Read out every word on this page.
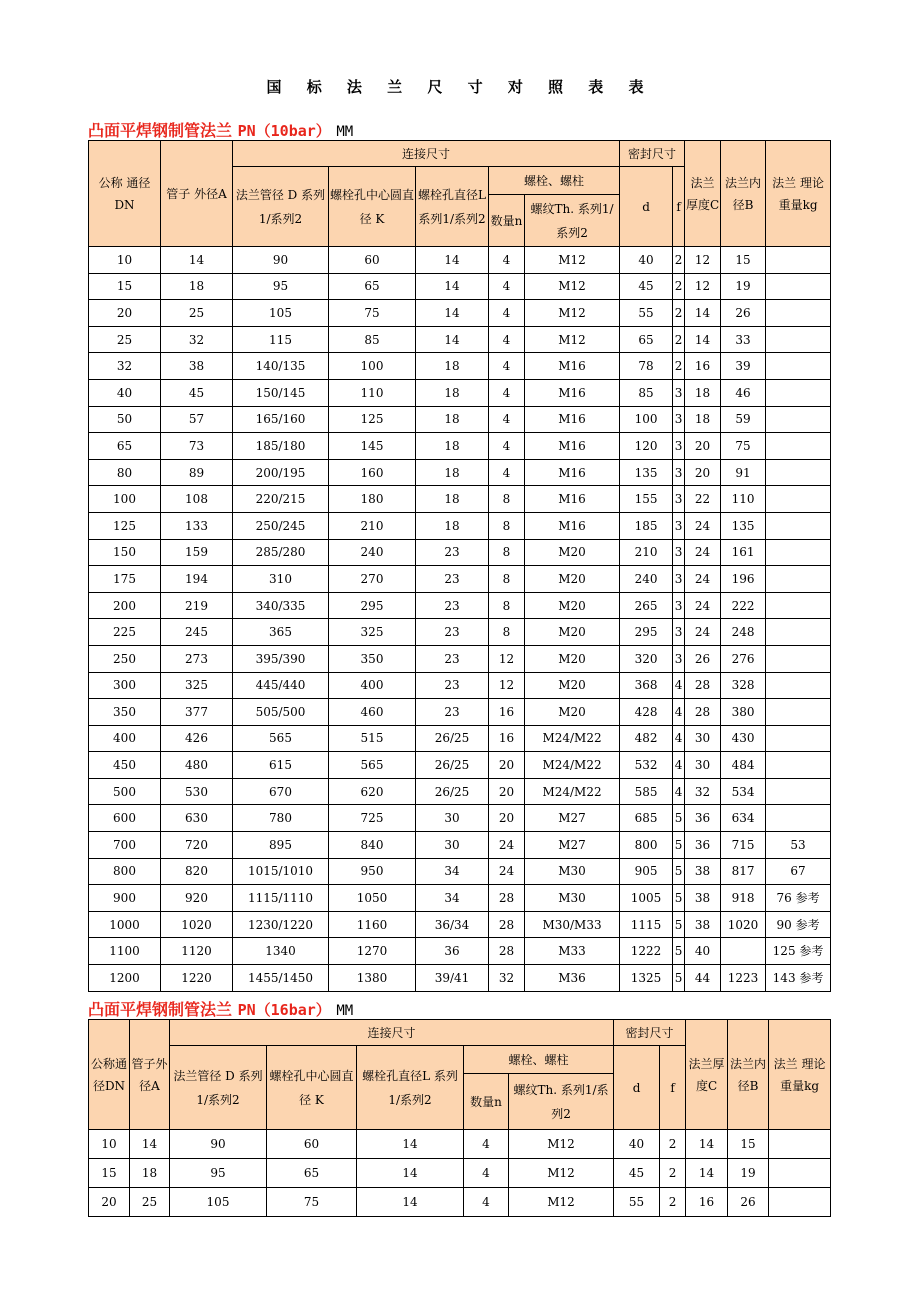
国 标 法 兰 尺 寸 对 照 表 表
凸面平焊钢制管法兰 PN（10bar） MM
公称 通径DN	管子 外径A	连接尺寸					密封尺寸		法兰厚度C	法兰内径B	法兰 理论 重量kg
		法兰管径 D 系列1/系列2	螺栓孔中心圆直径 K	螺栓孔直径L 系列1/系列2	螺栓、螺柱		d	f			
					数量n	螺纹Th. 系列1/系列2					
10	14	90	60	14	4	M12	40	2	12	15	
15	18	95	65	14	4	M12	45	2	12	19	
20	25	105	75	14	4	M12	55	2	14	26	
25	32	115	85	14	4	M12	65	2	14	33	
32	38	140/135	100	18	4	M16	78	2	16	39	
40	45	150/145	110	18	4	M16	85	3	18	46	
50	57	165/160	125	18	4	M16	100	3	18	59	
65	73	185/180	145	18	4	M16	120	3	20	75	
80	89	200/195	160	18	4	M16	135	3	20	91	
100	108	220/215	180	18	8	M16	155	3	22	110	
125	133	250/245	210	18	8	M16	185	3	24	135	
150	159	285/280	240	23	8	M20	210	3	24	161	
175	194	310	270	23	8	M20	240	3	24	196	
200	219	340/335	295	23	8	M20	265	3	24	222	
225	245	365	325	23	8	M20	295	3	24	248	
250	273	395/390	350	23	12	M20	320	3	26	276	
300	325	445/440	400	23	12	M20	368	4	28	328	
350	377	505/500	460	23	16	M20	428	4	28	380	
400	426	565	515	26/25	16	M24/M22	482	4	30	430	
450	480	615	565	26/25	20	M24/M22	532	4	30	484	
500	530	670	620	26/25	20	M24/M22	585	4	32	534	
600	630	780	725	30	20	M27	685	5	36	634	
700	720	895	840	30	24	M27	800	5	36	715	53
800	820	1015/1010	950	34	24	M30	905	5	38	817	67
900	920	1115/1110	1050	34	28	M30	1005	5	38	918	76 参考
1000	1020	1230/1220	1160	36/34	28	M30/M33	1115	5	38	1020	90 参考
1100	1120	1340	1270	36	28	M33	1222	5	40		125 参考
1200	1220	1455/1450	1380	39/41	32	M36	1325	5	44	1223	143 参考
凸面平焊钢制管法兰 PN（16bar） MM
公称通径DN	管子外径A	连接尺寸					密封尺寸		法兰厚度C	法兰内径B	法兰 理论 重量kg
		法兰管径 D 系列1/系列2	螺栓孔中心圆直径 K	螺栓孔直径L 系列1/系列2	螺栓、螺柱		d	f			
					数量n	螺纹Th. 系列1/系列2					
10	14	90	60	14	4	M12	40	2	14	15	
15	18	95	65	14	4	M12	45	2	14	19	
20	25	105	75	14	4	M12	55	2	16	26	
